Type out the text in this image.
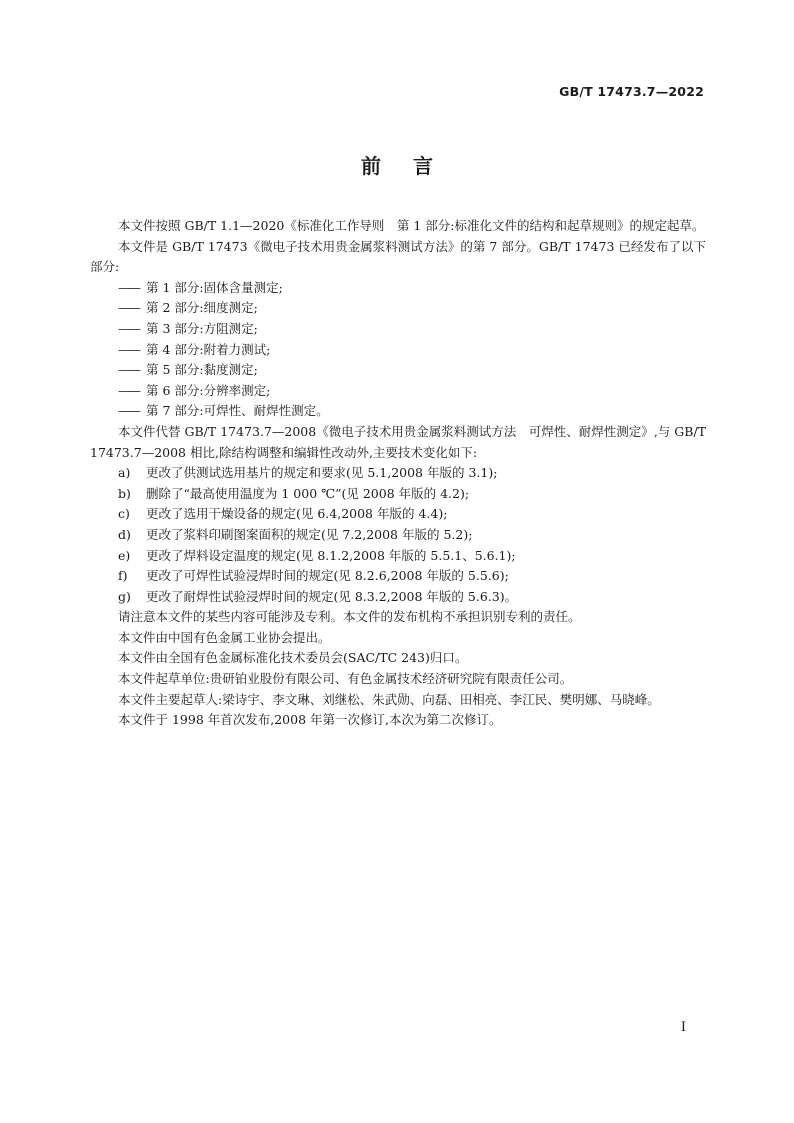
GB/T 17473.7—2022
前言

本文件按照 GB/T 1.1—2020《标准化工作导则　第 1 部分:标准化文件的结构和起草规则》的规定起草。

本文件是 GB/T 17473《微电子技术用贵金属浆料测试方法》的第 7 部分。GB/T 17473 已经发布了以下部分:

—— 第 1 部分:固体含量测定;

—— 第 2 部分:细度测定;

—— 第 3 部分:方阻测定;

—— 第 4 部分:附着力测试;

—— 第 5 部分:黏度测定;

—— 第 6 部分:分辨率测定;

—— 第 7 部分:可焊性、耐焊性测定。

本文件代替 GB/T 17473.7—2008《微电子技术用贵金属浆料测试方法　可焊性、耐焊性测定》,与 GB/T 17473.7—2008 相比,除结构调整和编辑性改动外,主要技术变化如下:

a) 更改了供测试选用基片的规定和要求(见 5.1,2008 年版的 3.1);

b) 删除了“最高使用温度为 1 000 ℃”(见 2008 年版的 4.2);

c) 更改了选用干燥设备的规定(见 6.4,2008 年版的 4.4);

d) 更改了浆料印刷图案面积的规定(见 7.2,2008 年版的 5.2);

e) 更改了焊料设定温度的规定(见 8.1.2,2008 年版的 5.5.1、5.6.1);

f) 更改了可焊性试验浸焊时间的规定(见 8.2.6,2008 年版的 5.5.6);

g) 更改了耐焊性试验浸焊时间的规定(见 8.3.2,2008 年版的 5.6.3)。

请注意本文件的某些内容可能涉及专利。本文件的发布机构不承担识别专利的责任。

本文件由中国有色金属工业协会提出。

本文件由全国有色金属标准化技术委员会(SAC/TC 243)归口。

本文件起草单位:贵研铂业股份有限公司、有色金属技术经济研究院有限责任公司。

本文件主要起草人:梁诗宇、李文琳、刘继松、朱武勋、向磊、田相亮、李江民、樊明娜、马晓峰。

本文件于 1998 年首次发布,2008 年第一次修订,本次为第二次修订。

I
